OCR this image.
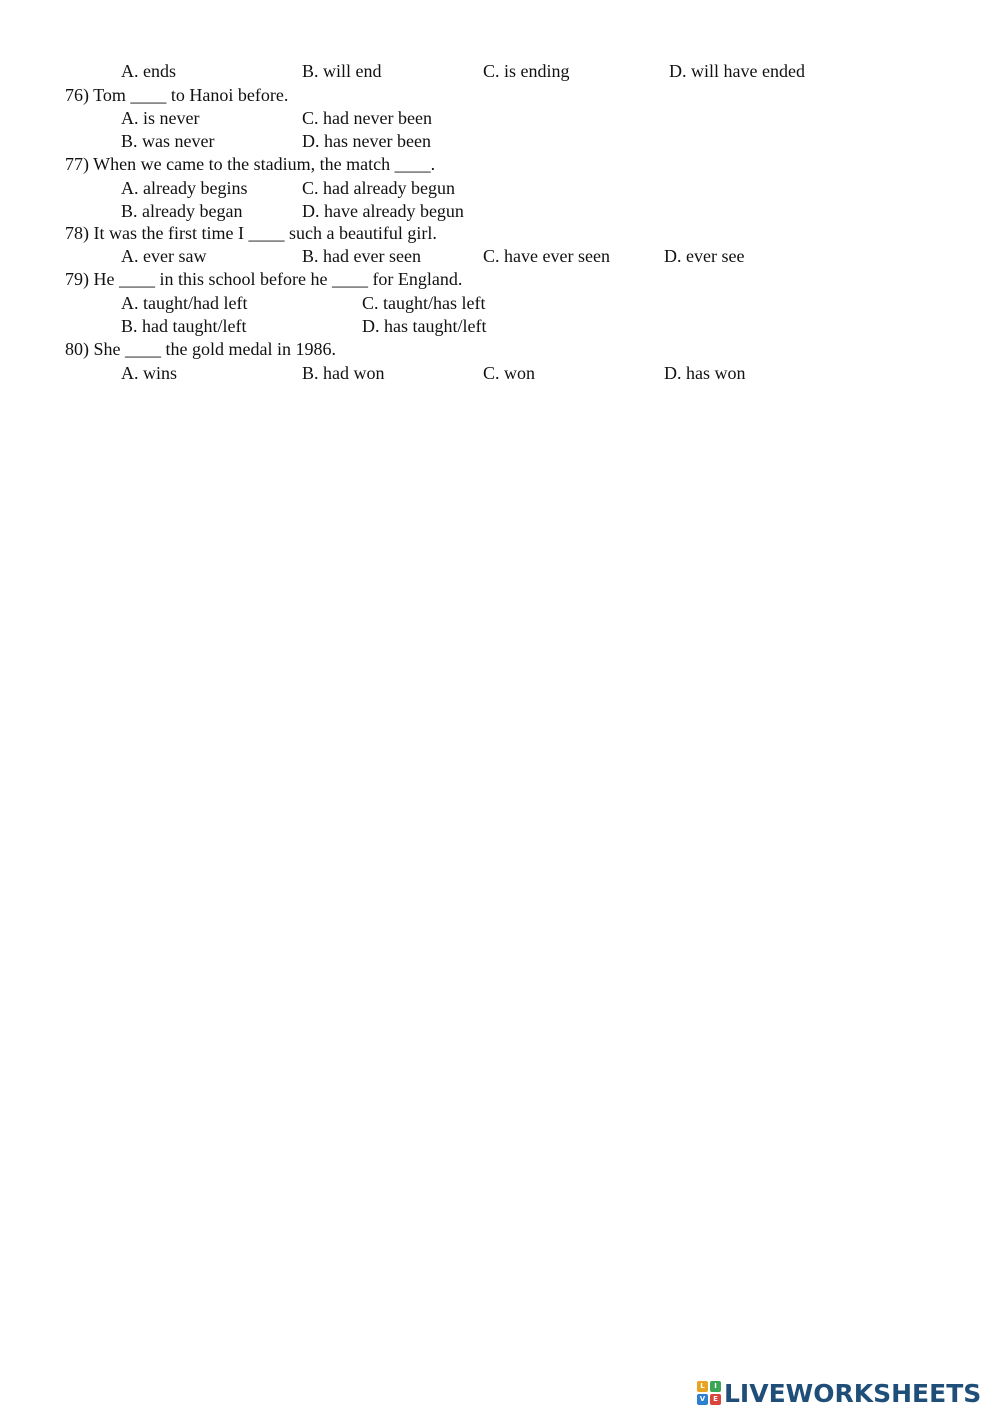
A. ends	B. will end	C. is ending	D. will have ended
76) Tom ____ to Hanoi before.
A. is never	C. had never been
B. was never	D. has never been
77) When we came to the stadium, the match ____.
A. already begins	C. had already begun
B. already began	D. have already begun
78) It was the first time I ____ such a beautiful girl.
A. ever saw	B. had ever seen	C. have ever seen	D. ever see
79) He ____ in this school before he ____ for England.
A. taught/had left	C. taught/has left
B. had taught/left	D. has taught/left
80) She ____ the gold medal in 1986.
A. wins	B. had won	C. won	D. has won
L	I
V	E LIVEWORKSHEETS
